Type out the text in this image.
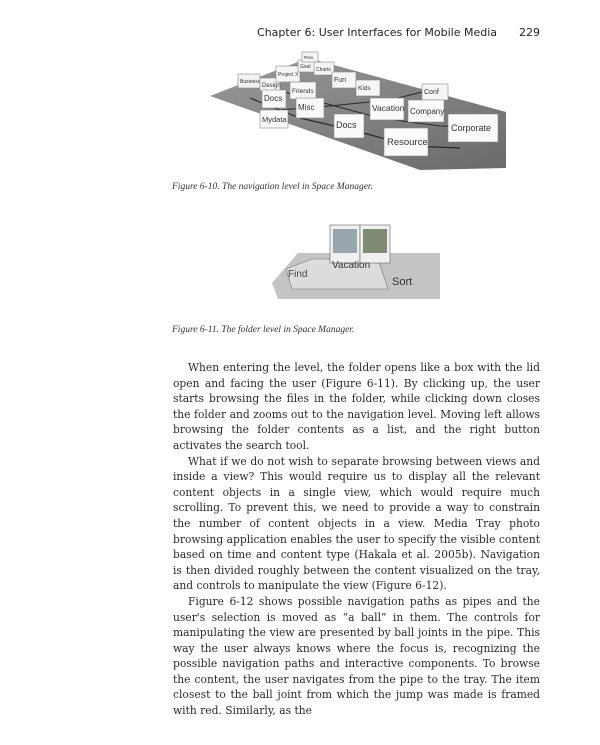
Chapter 6: User Interfaces for Mobile Media 229
Business
Design
Project X
Goal
Prev
Charts
Fun
Docs
Friends	Kids
Conf
Mydata
Misc	Vacation Company
Docs	Corporate
Resource
Figure 6-10. The navigation level in Space Manager.
Find
Vacation
Sort
Figure 6-11. The folder level in Space Manager.

When entering the level, the folder opens like a box with the lid open and facing the user (Figure 6-11). By clicking up, the user starts browsing the files in the folder, while clicking down closes the folder and zooms out to the navigation level. Moving left allows browsing the folder contents as a list, and the right button activates the search tool.

What if we do not wish to separate browsing between views and inside a view? This would require us to display all the relevant content objects in a single view, which would require much scrolling. To prevent this, we need to provide a way to constrain the number of content objects in a view. Media Tray photo browsing application enables the user to specify the visible content based on time and content type (Hakala et al. 2005b). Navigation is then divided roughly between the content visualized on the tray, and controls to manipulate the view (Figure 6-12).

Figure 6-12 shows possible navigation paths as pipes and the user's selection is moved as “a ball” in them. The controls for manipulating the view are presented by ball joints in the pipe. This way the user always knows where the focus is, recognizing the possible navigation paths and interactive components. To browse the content, the user navigates from the pipe to the tray. The item closest to the ball joint from which the jump was made is framed with red. Similarly, as the
